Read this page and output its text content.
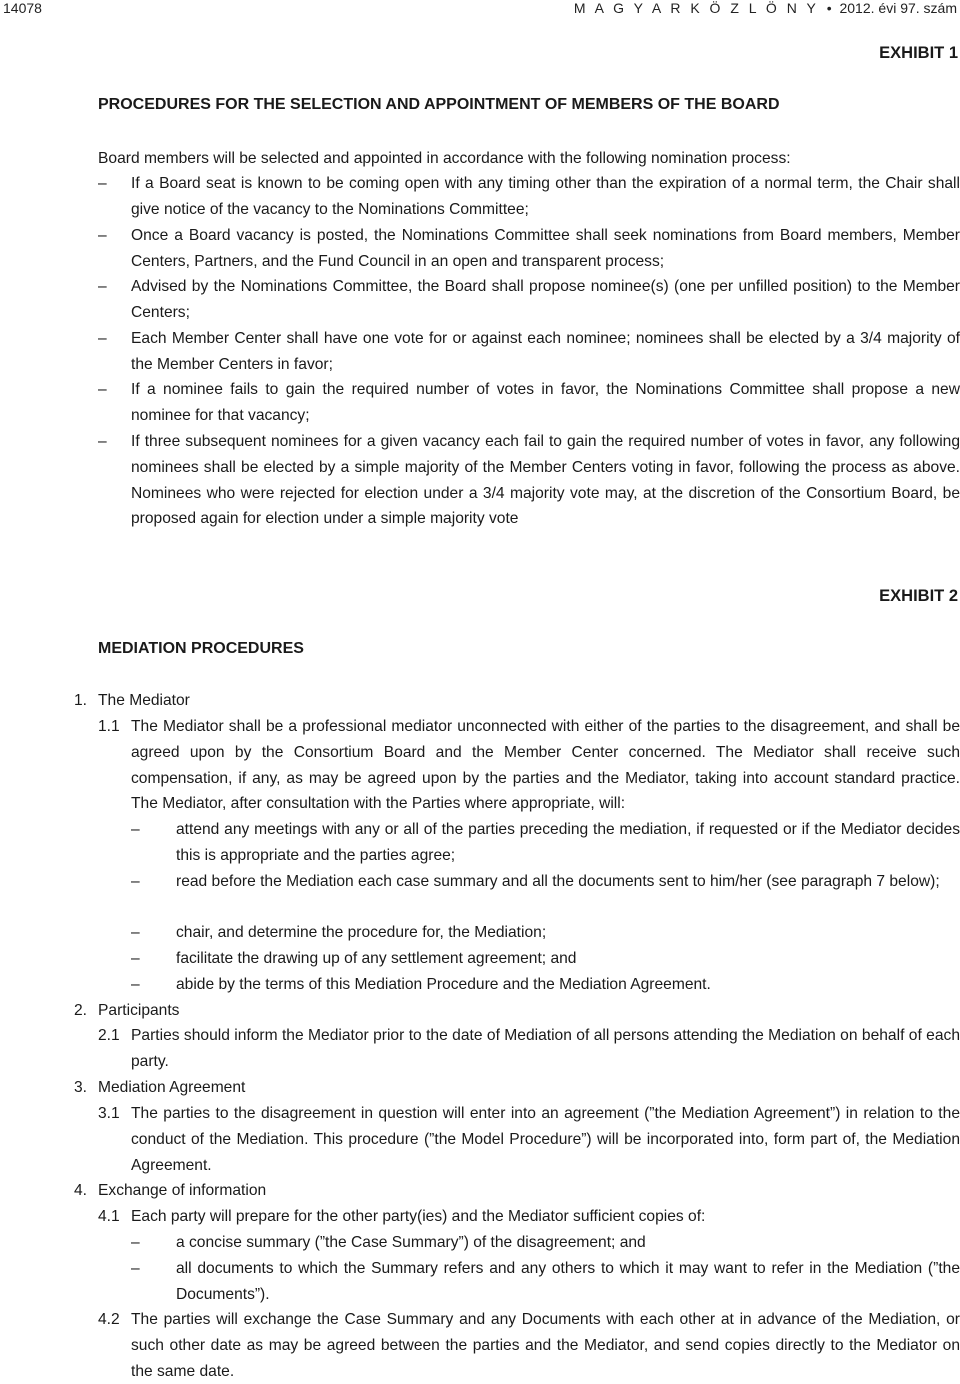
14078	M A G Y A R K Ö Z L Ö N Y • 2012. évi 97. szám
EXHIBIT 1
PROCEDURES FOR THE SELECTION AND APPOINTMENT OF MEMBERS OF THE BOARD
Board members will be selected and appointed in accordance with the following nomination process:
– If a Board seat is known to be coming open with any timing other than the expiration of a normal term, the Chair shall give notice of the vacancy to the Nominations Committee;
– Once a Board vacancy is posted, the Nominations Committee shall seek nominations from Board members, Member Centers, Partners, and the Fund Council in an open and transparent process;
– Advised by the Nominations Committee, the Board shall propose nominee(s) (one per unfilled position) to the Member Centers;
– Each Member Center shall have one vote for or against each nominee; nominees shall be elected by a 3/4 majority of the Member Centers in favor;
– If a nominee fails to gain the required number of votes in favor, the Nominations Committee shall propose a new nominee for that vacancy;
– If three subsequent nominees for a given vacancy each fail to gain the required number of votes in favor, any following nominees shall be elected by a simple majority of the Member Centers voting in favor, following the process as above. Nominees who were rejected for election under a 3/4 majority vote may, at the discretion of the Consortium Board, be proposed again for election under a simple majority vote
EXHIBIT 2
MEDIATION PROCEDURES
1. The Mediator
1.1 The Mediator shall be a professional mediator unconnected with either of the parties to the disagreement, and shall be agreed upon by the Consortium Board and the Member Center concerned. The Mediator shall receive such compensation, if any, as may be agreed upon by the parties and the Mediator, taking into account standard practice. The Mediator, after consultation with the Parties where appropriate, will:
– attend any meetings with any or all of the parties preceding the mediation, if requested or if the Mediator decides this is appropriate and the parties agree;
– read before the Mediation each case summary and all the documents sent to him/her (see paragraph 7 below);
– chair, and determine the procedure for, the Mediation;
– facilitate the drawing up of any settlement agreement; and
– abide by the terms of this Mediation Procedure and the Mediation Agreement.
2. Participants
2.1 Parties should inform the Mediator prior to the date of Mediation of all persons attending the Mediation on behalf of each party.
3. Mediation Agreement
3.1 The parties to the disagreement in question will enter into an agreement (”the Mediation Agreement”) in relation to the conduct of the Mediation. This procedure (”the Model Procedure”) will be incorporated into, form part of, the Mediation Agreement.
4. Exchange of information
4.1 Each party will prepare for the other party(ies) and the Mediator sufficient copies of:
– a concise summary (”the Case Summary”) of the disagreement; and
– all documents to which the Summary refers and any others to which it may want to refer in the Mediation (”the Documents”).
4.2 The parties will exchange the Case Summary and any Documents with each other at in advance of the Mediation, or such other date as may be agreed between the parties and the Mediator, and send copies directly to the Mediator on the same date.
